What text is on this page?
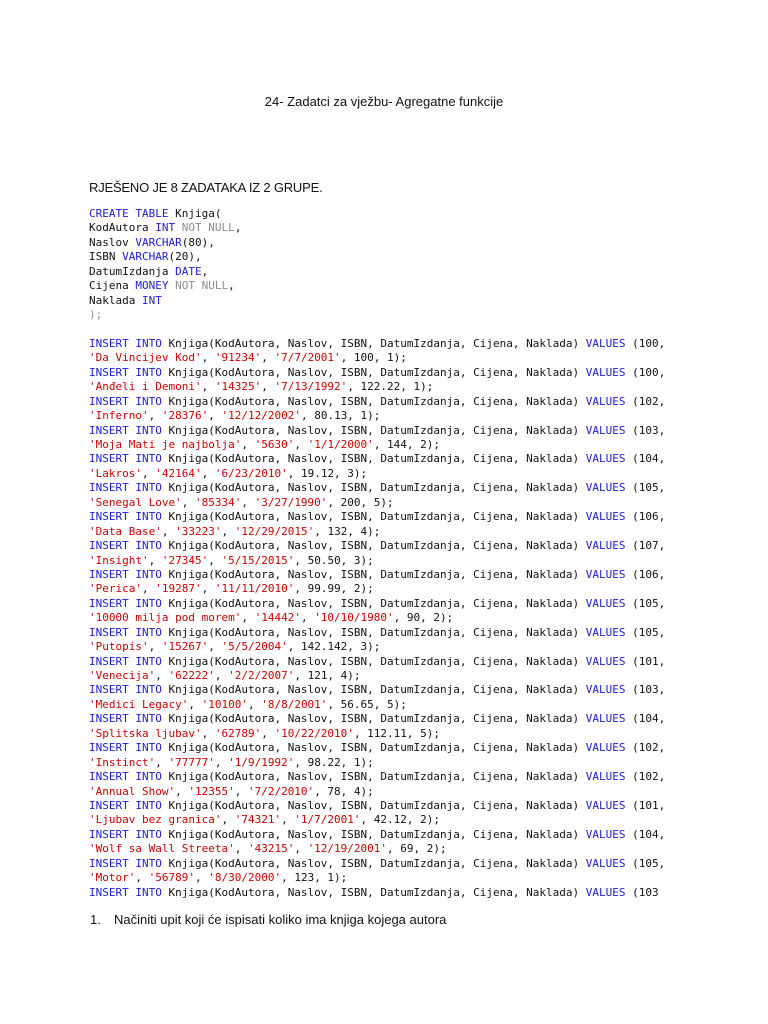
24- Zadatci za vježbu- Agregatne funkcije
RJEŠENO JE 8 ZADATAKA IZ 2 GRUPE.
CREATE TABLE Knjiga(
KodAutora INT NOT NULL,
Naslov VARCHAR(80),
ISBN VARCHAR(20),
DatumIzdanja DATE,
Cijena MONEY NOT NULL,
Naklada INT
);

INSERT INTO Knjiga(KodAutora, Naslov, ISBN, DatumIzdanja, Cijena, Naklada) VALUES (100,
'Da Vincijev Kod', '91234', '7/7/2001', 100, 1);
INSERT INTO Knjiga(KodAutora, Naslov, ISBN, DatumIzdanja, Cijena, Naklada) VALUES (100,
'Anđeli i Demoni', '14325', '7/13/1992', 122.22, 1);
INSERT INTO Knjiga(KodAutora, Naslov, ISBN, DatumIzdanja, Cijena, Naklada) VALUES (102,
'Inferno', '28376', '12/12/2002', 80.13, 1);
INSERT INTO Knjiga(KodAutora, Naslov, ISBN, DatumIzdanja, Cijena, Naklada) VALUES (103,
'Moja Mati je najbolja', '5630', '1/1/2000', 144, 2);
INSERT INTO Knjiga(KodAutora, Naslov, ISBN, DatumIzdanja, Cijena, Naklada) VALUES (104,
'Lakros', '42164', '6/23/2010', 19.12, 3);
INSERT INTO Knjiga(KodAutora, Naslov, ISBN, DatumIzdanja, Cijena, Naklada) VALUES (105,
'Senegal Love', '85334', '3/27/1990', 200, 5);
INSERT INTO Knjiga(KodAutora, Naslov, ISBN, DatumIzdanja, Cijena, Naklada) VALUES (106,
'Data Base', '33223', '12/29/2015', 132, 4);
INSERT INTO Knjiga(KodAutora, Naslov, ISBN, DatumIzdanja, Cijena, Naklada) VALUES (107,
'Insight', '27345', '5/15/2015', 50.50, 3);
INSERT INTO Knjiga(KodAutora, Naslov, ISBN, DatumIzdanja, Cijena, Naklada) VALUES (106,
'Perica', '19287', '11/11/2010', 99.99, 2);
INSERT INTO Knjiga(KodAutora, Naslov, ISBN, DatumIzdanja, Cijena, Naklada) VALUES (105,
'10000 milja pod morem', '14442', '10/10/1980', 90, 2);
INSERT INTO Knjiga(KodAutora, Naslov, ISBN, DatumIzdanja, Cijena, Naklada) VALUES (105,
'Putopis', '15267', '5/5/2004', 142.142, 3);
INSERT INTO Knjiga(KodAutora, Naslov, ISBN, DatumIzdanja, Cijena, Naklada) VALUES (101,
'Venecija', '62222', '2/2/2007', 121, 4);
INSERT INTO Knjiga(KodAutora, Naslov, ISBN, DatumIzdanja, Cijena, Naklada) VALUES (103,
'Medici Legacy', '10100', '8/8/2001', 56.65, 5);
INSERT INTO Knjiga(KodAutora, Naslov, ISBN, DatumIzdanja, Cijena, Naklada) VALUES (104,
'Splitska ljubav', '62789', '10/22/2010', 112.11, 5);
INSERT INTO Knjiga(KodAutora, Naslov, ISBN, DatumIzdanja, Cijena, Naklada) VALUES (102,
'Instinct', '77777', '1/9/1992', 98.22, 1);
INSERT INTO Knjiga(KodAutora, Naslov, ISBN, DatumIzdanja, Cijena, Naklada) VALUES (102,
'Annual Show', '12355', '7/2/2010', 78, 4);
INSERT INTO Knjiga(KodAutora, Naslov, ISBN, DatumIzdanja, Cijena, Naklada) VALUES (101,
'Ljubav bez granica', '74321', '1/7/2001', 42.12, 2);
INSERT INTO Knjiga(KodAutora, Naslov, ISBN, DatumIzdanja, Cijena, Naklada) VALUES (104,
'Wolf sa Wall Streeta', '43215', '12/19/2001', 69, 2);
INSERT INTO Knjiga(KodAutora, Naslov, ISBN, DatumIzdanja, Cijena, Naklada) VALUES (105,
'Motor', '56789', '8/30/2000', 123, 1);
INSERT INTO Knjiga(KodAutora, Naslov, ISBN, DatumIzdanja, Cijena, Naklada) VALUES (103
1. Načiniti upit koji će ispisati koliko ima knjiga kojega autora
